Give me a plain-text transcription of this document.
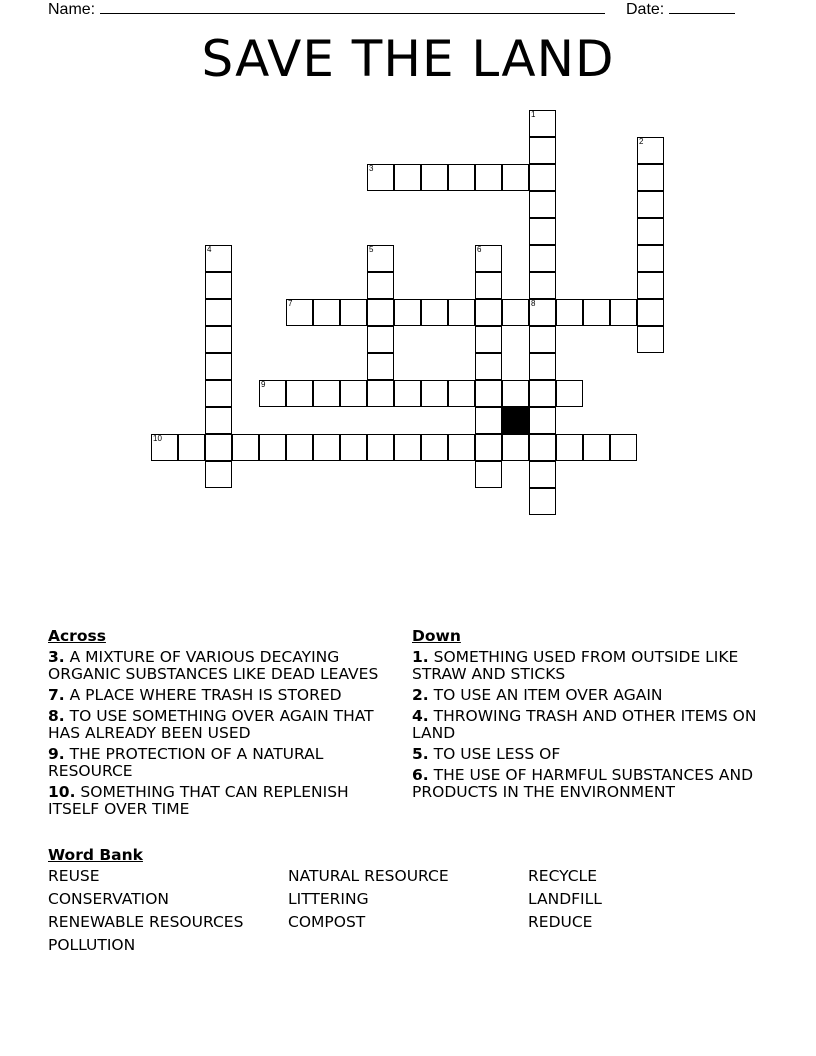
Name:	Date:
SAVE THE LAND
3
7	8
9
10
1
2
4	5	6
Across
3. A MIXTURE OF VARIOUS DECAYING ORGANIC SUBSTANCES LIKE DEAD LEAVES
7. A PLACE WHERE TRASH IS STORED
8. TO USE SOMETHING OVER AGAIN THAT HAS ALREADY BEEN USED
9. THE PROTECTION OF A NATURAL RESOURCE
10. SOMETHING THAT CAN REPLENISH ITSELF OVER TIME
Down
1. SOMETHING USED FROM OUTSIDE LIKE STRAW AND STICKS
2. TO USE AN ITEM OVER AGAIN
4. THROWING TRASH AND OTHER ITEMS ON LAND
5. TO USE LESS OF
6. THE USE OF HARMFUL SUBSTANCES AND PRODUCTS IN THE ENVIRONMENT
Word Bank
REUSE	NATURAL RESOURCE	RECYCLE
CONSERVATION	LITTERING	LANDFILL
RENEWABLE RESOURCES	COMPOST	REDUCE
POLLUTION
